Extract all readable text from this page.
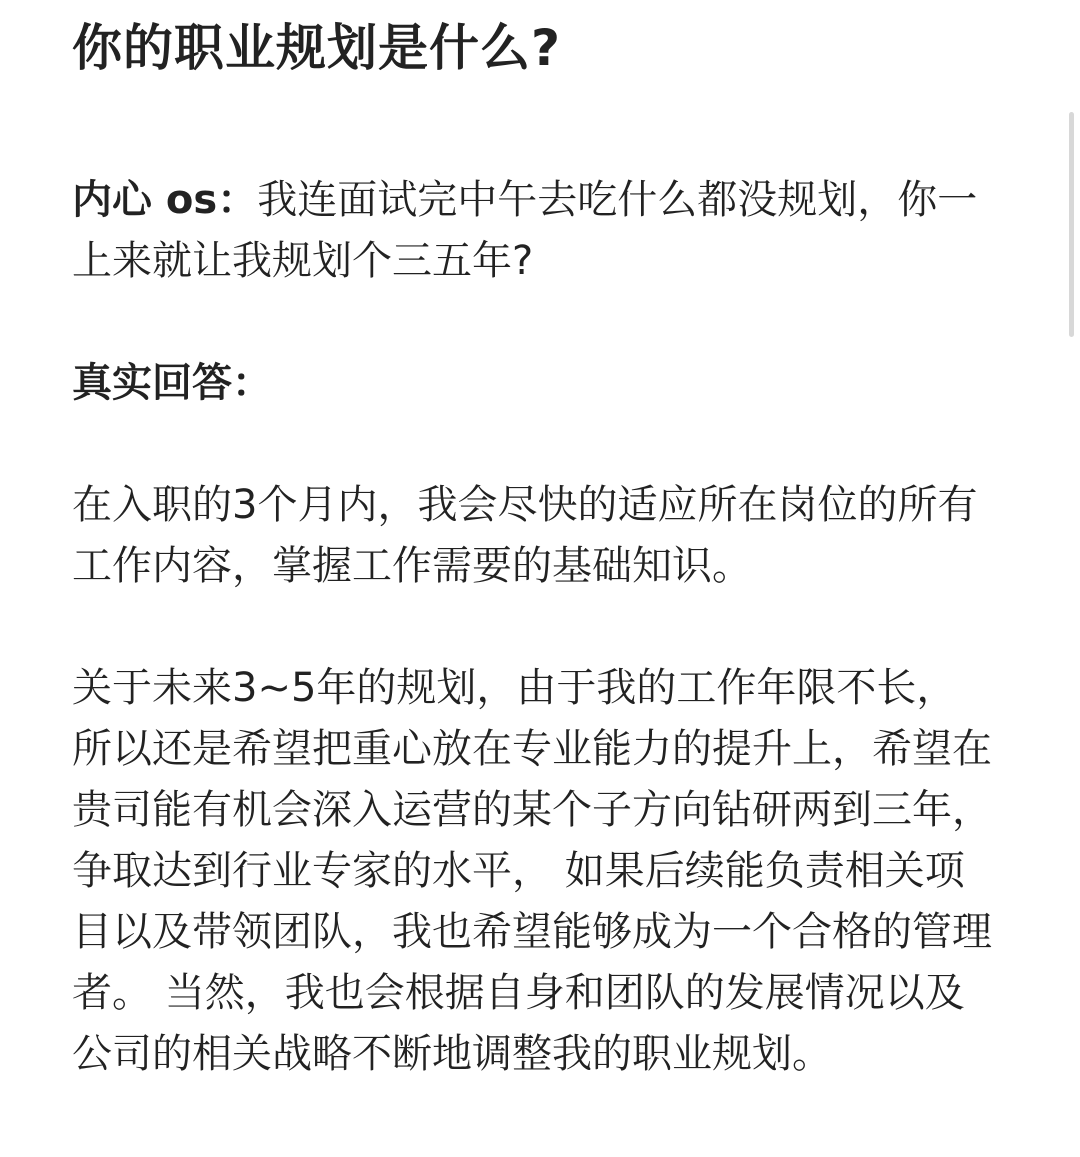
你的职业规划是什么?

内心 os：我连面试完中午去吃什么都没规划，你一上来就让我规划个三五年?

真实回答：

在入职的3个月内，我会尽快的适应所在岗位的所有工作内容，掌握工作需要的基础知识。

关于未来3~5年的规划，由于我的工作年限不长， 所以还是希望把重心放在专业能力的提升上，希望在贵司能有机会深入运营的某个子方向钻研两到三年，争取达到行业专家的水平， 如果后续能负责相关项目以及带领团队，我也希望能够成为一个合格的管理者。 当然，我也会根据自身和团队的发展情况以及公司的相关战略不断地调整我的职业规划。
